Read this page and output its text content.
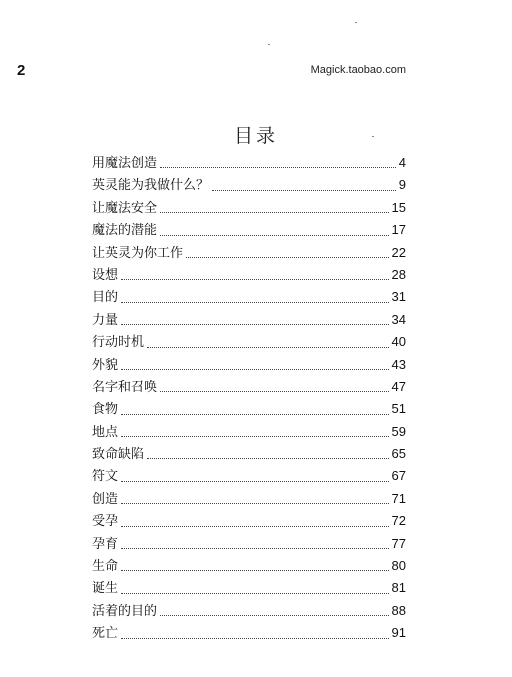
2	Magick.taobao.com
目录
用魔法创造	4
英灵能为我做什么？	9
让魔法安全	15
魔法的潜能	17
让英灵为你工作	22
设想	28
目的	31
力量	34
行动时机	40
外貌	43
名字和召唤	47
食物	51
地点	59
致命缺陷	65
符文	67
创造	71
受孕	72
孕育	77
生命	80
诞生	81
活着的目的	88
死亡	91
